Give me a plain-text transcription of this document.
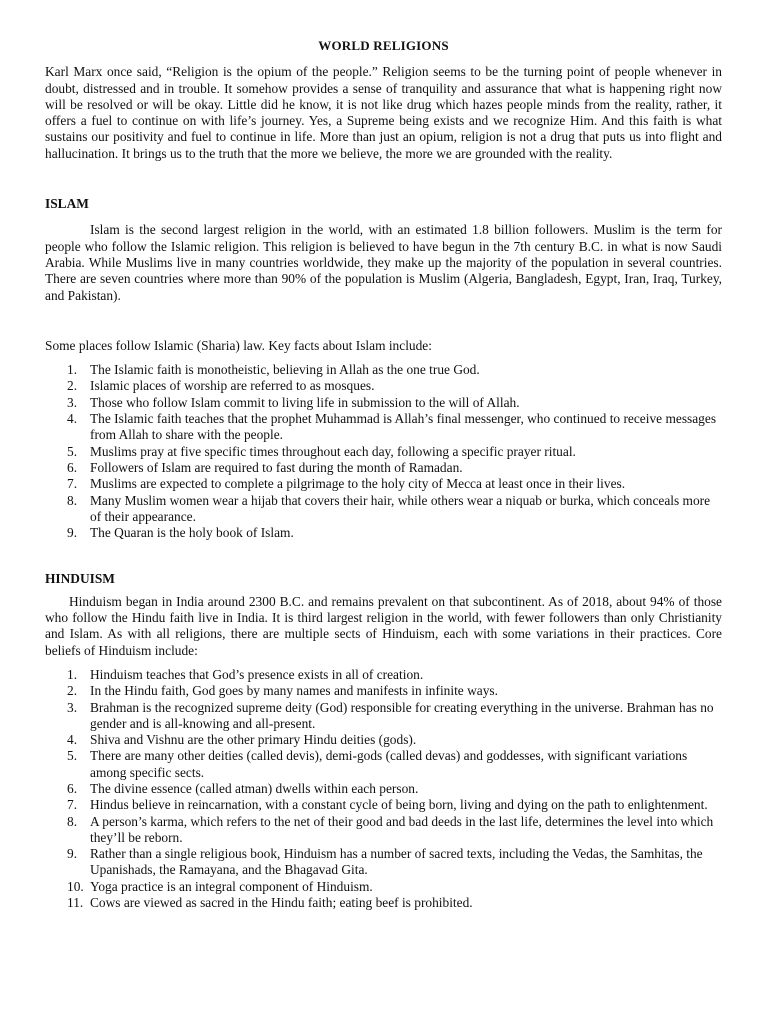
WORLD RELIGIONS

Karl Marx once said, “Religion is the opium of the people.” Religion seems to be the turning point of people whenever in doubt, distressed and in trouble. It somehow provides a sense of tranquility and assurance that what is happening right now will be resolved or will be okay. Little did he know, it is not like drug which hazes people minds from the reality, rather, it offers a fuel to continue on with life’s journey. Yes, a Supreme being exists and we recognize Him. And this faith is what sustains our positivity and fuel to continue in life. More than just an opium, religion is not a drug that puts us into flight and hallucination. It brings us to the truth that the more we believe, the more we are grounded with the reality.

ISLAM

Islam is the second largest religion in the world, with an estimated 1.8 billion followers. Muslim is the term for people who follow the Islamic religion. This religion is believed to have begun in the 7th century B.C. in what is now Saudi Arabia. While Muslims live in many countries worldwide, they make up the majority of the population in several countries. There are seven countries where more than 90% of the population is Muslim (Algeria, Bangladesh, Egypt, Iran, Iraq, Turkey, and Pakistan).

Some places follow Islamic (Sharia) law. Key facts about Islam include:

1. The Islamic faith is monotheistic, believing in Allah as the one true God.
2. Islamic places of worship are referred to as mosques.
3. Those who follow Islam commit to living life in submission to the will of Allah.
4. The Islamic faith teaches that the prophet Muhammad is Allah’s final messenger, who continued to receive messages from Allah to share with the people.
5. Muslims pray at five specific times throughout each day, following a specific prayer ritual.
6. Followers of Islam are required to fast during the month of Ramadan.
7. Muslims are expected to complete a pilgrimage to the holy city of Mecca at least once in their lives.
8. Many Muslim women wear a hijab that covers their hair, while others wear a niquab or burka, which conceals more of their appearance.
9. The Quaran is the holy book of Islam.
HINDUISM

Hinduism began in India around 2300 B.C. and remains prevalent on that subcontinent. As of 2018, about 94% of those who follow the Hindu faith live in India. It is third largest religion in the world, with fewer followers than only Christianity and Islam. As with all religions, there are multiple sects of Hinduism, each with some variations in their practices. Core beliefs of Hinduism include:

1. Hinduism teaches that God’s presence exists in all of creation.
2. In the Hindu faith, God goes by many names and manifests in infinite ways.
3. Brahman is the recognized supreme deity (God) responsible for creating everything in the universe. Brahman has no gender and is all-knowing and all-present.
4. Shiva and Vishnu are the other primary Hindu deities (gods).
5. There are many other deities (called devis), demi-gods (called devas) and goddesses, with significant variations among specific sects.
6. The divine essence (called atman) dwells within each person.
7. Hindus believe in reincarnation, with a constant cycle of being born, living and dying on the path to enlightenment.
8. A person’s karma, which refers to the net of their good and bad deeds in the last life, determines the level into which they’ll be reborn.
9. Rather than a single religious book, Hinduism has a number of sacred texts, including the Vedas, the Samhitas, the Upanishads, the Ramayana, and the Bhagavad Gita.
10. Yoga practice is an integral component of Hinduism.
11. Cows are viewed as sacred in the Hindu faith; eating beef is prohibited.
